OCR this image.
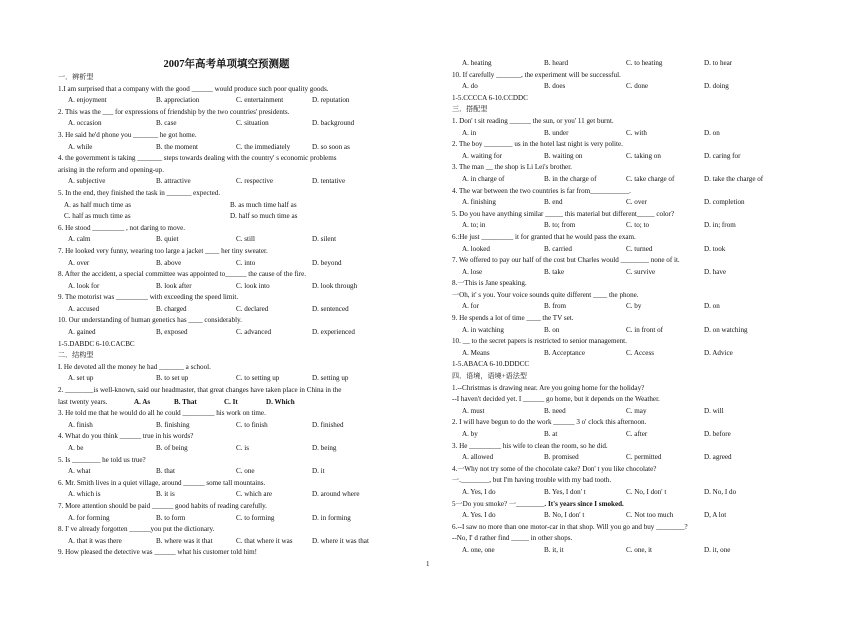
2007年高考单项填空预测题
一．辨析型
1.I am surprised that a company with the good ______ would produce such poor quality goods.
A. enjoyment	B. appreciation	C. entertainment	D. reputation
2. This was the ___ for expressions of friendship by the two countries' presidents.
A. occasion	B. case	C. situation	D. background
3. He said he'd phone you _______ he got home.
A. while	B. the moment	C. the immediately	D. so soon as
4. the government is taking _______ steps towards dealing with the country' s economic problems
arising in the reform and opening-up.
A. subjective	B. attractive	C. respective	D. tentative
5. In the end, they finished the task in _______ expected.
A. as half much time as	B. as much time half as
C. half as much time as	D. half so much time as
6. He stood _________ , not daring to move.
A. calm	B. quiet	C. still	D. silent
7. He looked very funny, wearing too large a jacket ____ her tiny sweater.
A. over	B. above	C. into	D. beyond
8. After the accident, a special committee was appointed to______ the cause of the fire.
A. look for	B. look after	C. look into	D. look through
9. The motorist was _________ with exceeding the speed limit.
A. accused	B. charged	C. declared	D. sentenced
10. Our understanding of human genetics has ____ considerably.
A. gained	B, exposed	C. advanced	D. experienced
1-5.DABDC 6-10.CACBC
二．结构型
I. He devoted all the money he had _______ a school.
A. set up	B. to set up	C. to setting up	D. setting up
2. ________is well-known, said our headmaster, that great changes have taken place in China in the
last twenty years.	A. As	B. That	C. It	D. Which
3. He told me that he would do all he could _________ his work on time.
A. finish	B. finishing	C. to finish	D. finished
4. What do you think ______ true in his words?
A. be	B. of being	C. is	D. being
5. Is ________ he told us true?
A. what	B. that	C. one	D. it
6. Mr. Smith lives in a quiet village, around ______ some tall mountains.
A. which is	B. it is	C. which are	D. around where
7. More attention should be paid ______ good habits of reading carefully.
A. for forming	B. to form	C. to forming	D. in forming
8. I' ve already forgotten ______you put the dictionary.
A. that it was there	B. where was it that	C. that where it was	D. where it was that
9. How pleased the detective was ______ what his customer told him!
A. heating	B. heard	C. to heating	D. to hear
10. If carefully _______, the experiment will be successful.
A. do	B. does	C. done	D. doing
1-5.CCCCA 6-10.CCDDC
三．搭配型
1. Don' t sit reading ______ the sun, or you' 11 get burnt.
A. in	B. under	C. with	D. on
2. The boy ________ us in the hotel last night is very polite.
A. waiting for	B. waiting on	C. taking on	D. caring for
3. The man __ the shop is Li Lei's brother.
A. in charge of	B. in the charge of	C. take charge of	D. take the charge of
4. The war between the two countries is far from___________.
A. finishing	B. end	C. over	D. completion
5. Do you have anything similar _____ this material but different_____ color?
A. to; in	B. to; from	C. to; to	D. in; from
6.:He just _________ it for granted that he would pass the exam.
A. looked	B. carried	C. turned	D. took
7. We offered to pay our half of the cost but Charles would ________ none of it.
A. lose	B. take	C. survive	D. have
8.一This is Jane speaking.
一Oh, it' s you. Your voice sounds quite different ____ the phone.
A. for	B. from	C. by	D. on
9. He spends a lot of time ____ the TV set.
A. in watching	B. on	C. in front of	D. on watching
10. __ to the secret papers is restricted to senior management.
A. Means	B. Acceptance	C. Access	D. Advice
1-5.ABACA 6-10.DDDCC
四．语境，语境+语法型
1.--Christmas is drawing near. Are you going home for the holiday?
--I haven't decided yet. I ______ go home, but it depends on the Weather.
A. must	B. need	C. may	D. will
2. I will have begun to do the work ______ 3 o' clock this afternoon.
A. by	B. at	C. after	D. before
3. He _________ his wife to clean the room, so he did.
A. allowed	B. promised	C. permitted	D. agreed
4.一Why not try some of the chocolate cake? Don' t you like chocolate?
一.________, but I'm having trouble with my bad tooth.
A. Yes, I do	B. Yes, I don' t	C. No, I don' t	D. No, I do
5一Do you smoke? 一________. It's years since I smoked.
A. Yes. I do	B. No, I don' t	C. Not too much	D, A lot
6.--I saw no more than one motor-car in that shop. Will you go and buy ________?
--No, I' d rather find _____ in other shops.
A. one, one	B. it, it	C. one, it	D. it, one
1
